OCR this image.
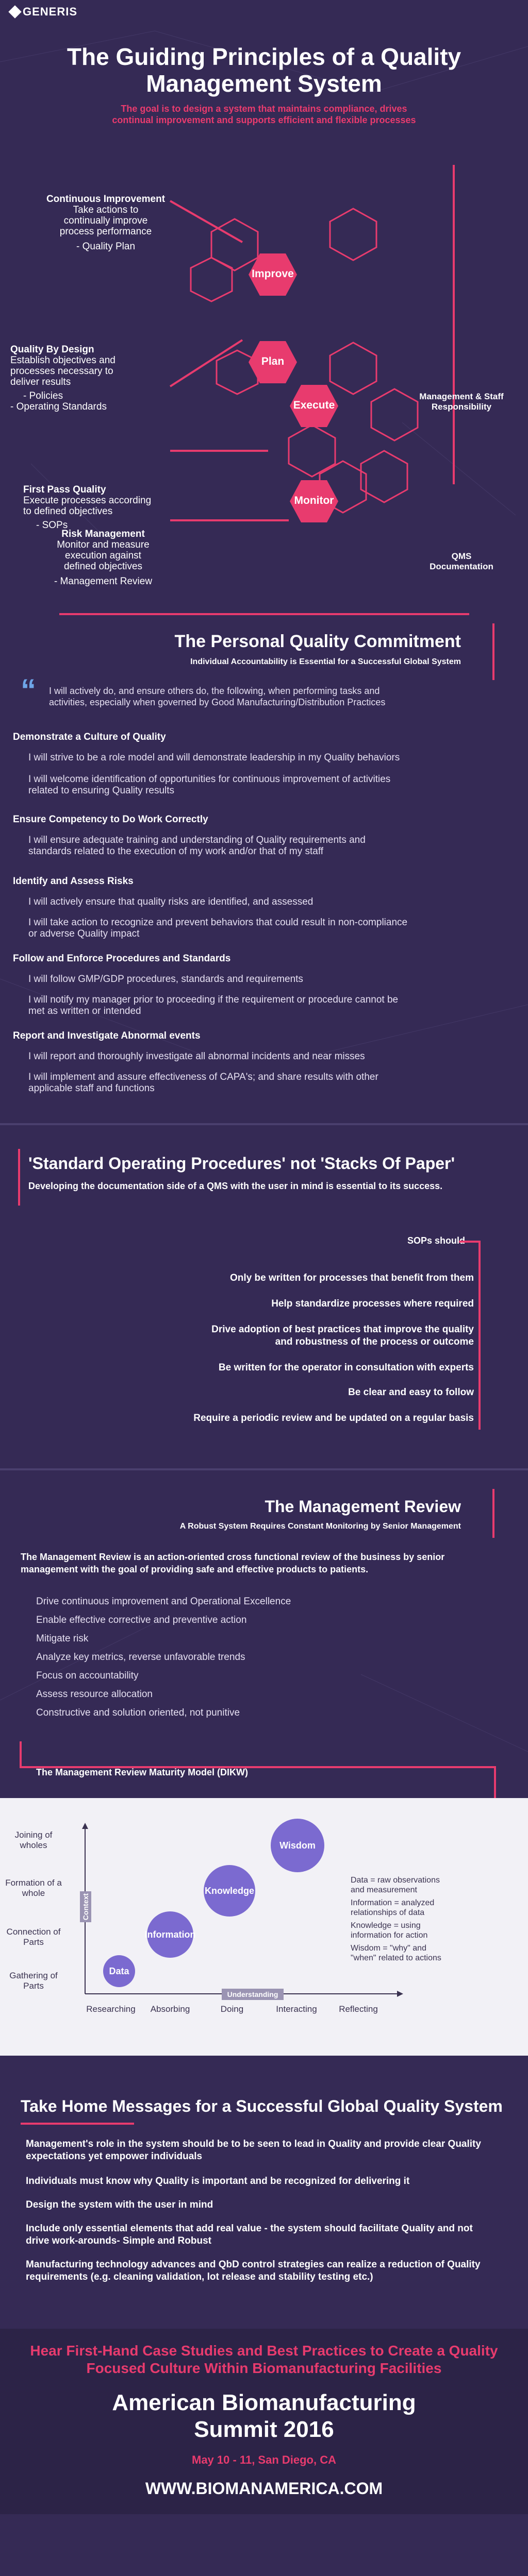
GENERIS
The Guiding Principles of a Quality
Management System
The goal is to design a system that maintains compliance, drives
continual improvement and supports efficient and flexible processes
Improve
Plan
Execute
Monitor
Continuous Improvement
Take actions to
continually improve
process performance
- Quality Plan
Quality By Design
Establish objectives and
processes necessary to
deliver results
- Policies
- Operating Standards
First Pass Quality
Execute processes according
to defined objectives
- SOPs
Risk Management
Monitor and measure
execution against
defined objectives
- Management Review
Management & Staff
Responsibility
QMS
Documentation
The Personal Quality Commitment
Individual Accountability is Essential for a Successful Global System
“ I will actively do, and ensure others do, the following, when performing tasks and
activities, especially when governed by Good Manufacturing/Distribution Practices
Demonstrate a Culture of Quality
I will strive to be a role model and will demonstrate leadership in my Quality behaviors
I will welcome identification of opportunities for continuous improvement of activities
related to ensuring Quality results
Ensure Competency to Do Work Correctly
I will ensure adequate training and understanding of Quality requirements and
standards related to the execution of my work and/or that of my staff
Identify and Assess Risks
I will actively ensure that quality risks are identified, and assessed
I will take action to recognize and prevent behaviors that could result in non-compliance
or adverse Quality impact
Follow and Enforce Procedures and Standards
I will follow GMP/GDP procedures, standards and requirements
I will notify my manager prior to proceeding if the requirement or procedure cannot be
met as written or intended
Report and Investigate Abnormal events
I will report and thoroughly investigate all abnormal incidents and near misses
I will implement and assure effectiveness of CAPA's; and share results with other
applicable staff and functions
'Standard Operating Procedures' not 'Stacks Of Paper'
Developing the documentation side of a QMS with the user in mind is essential to its success.
SOPs should
Only be written for processes that benefit from them
Help standardize processes where required
Drive adoption of best practices that improve the quality
and robustness of the process or outcome
Be written for the operator in consultation with experts
Be clear and easy to follow
Require a periodic review and be updated on a regular basis
The Management Review
A Robust System Requires Constant Monitoring by Senior Management
The Management Review is an action-oriented cross functional review of the business by senior
management with the goal of providing safe and effective products to patients.
Drive continuous improvement and Operational Excellence
Enable effective corrective and preventive action
Mitigate risk
Analyze key metrics, reverse unfavorable trends
Focus on accountability
Assess resource allocation
Constructive and solution oriented, not punitive
The Management Review Maturity Model (DIKW)
Context
Understanding
Joining of wholes
Formation of a whole
Connection of Parts
Gathering of Parts
Researching	Absorbing	Doing	Interacting	Reflecting
Data
Information
Knowledge
Wisdom
Data = raw observations
and measurement
Information = analyzed
relationships of data
Knowledge = using
information for action
Wisdom = "why" and
"when" related to actions
Take Home Messages for a Successful Global Quality System
Management's role in the system should be to be seen to lead in Quality and provide clear Quality
expectations yet empower individuals
Individuals must know why Quality is important and be recognized for delivering it
Design the system with the user in mind
Include only essential elements that add real value - the system should facilitate Quality and not
drive work-arounds- Simple and Robust
Manufacturing technology advances and QbD control strategies can realize a reduction of Quality
requirements (e.g. cleaning validation, lot release and stability testing etc.)
Hear First-Hand Case Studies and Best Practices to Create a Quality
Focused Culture Within Biomanufacturing Facilities
American Biomanufacturing
Summit 2016
May 10 - 11, San Diego, CA
WWW.BIOMANAMERICA.COM
